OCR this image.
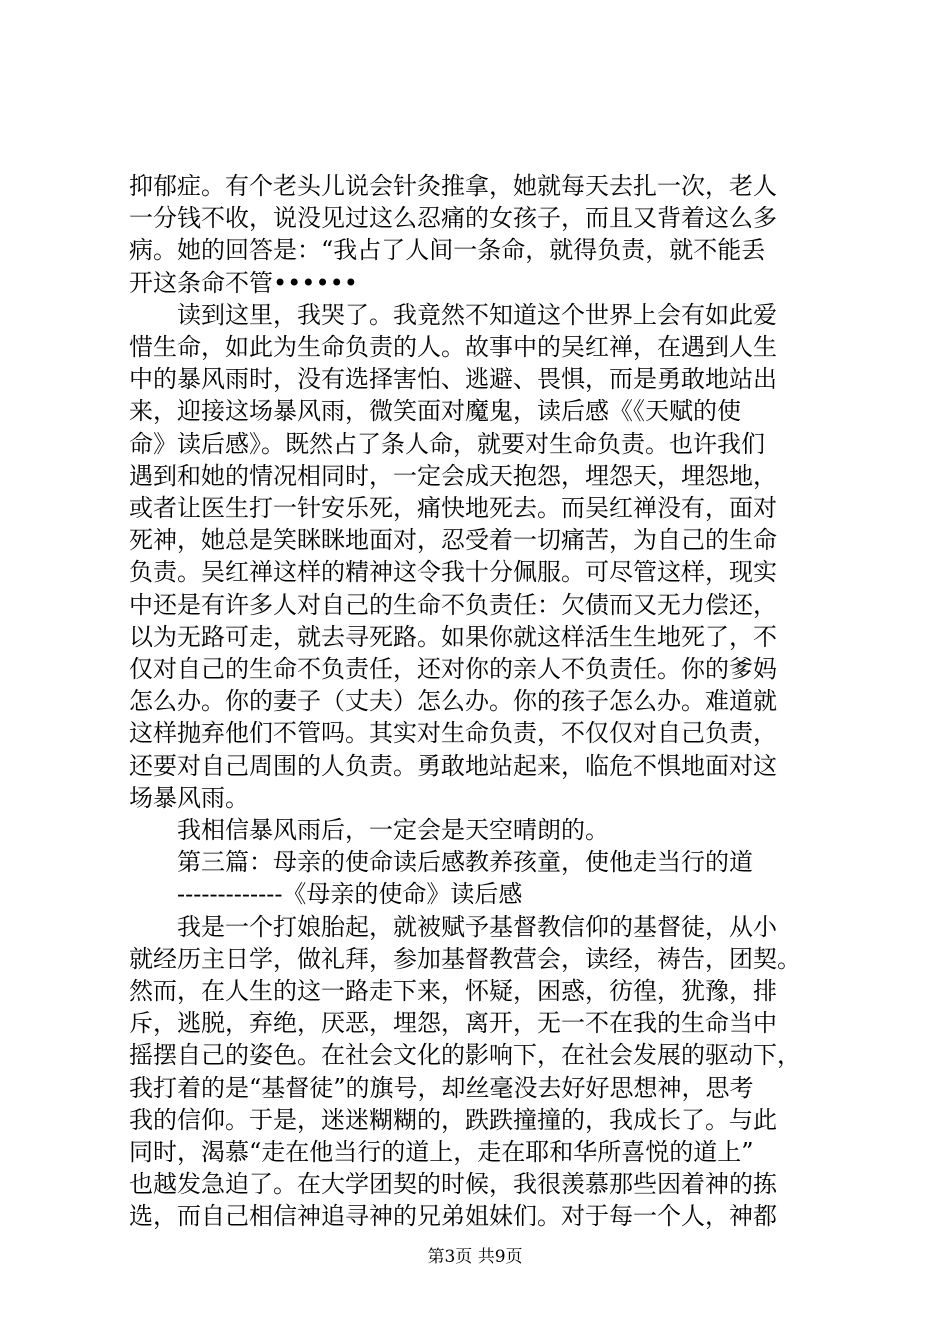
抑郁症。有个老头儿说会针灸推拿，她就每天去扎一次，老人
一分钱不收，说没见过这么忍痛的女孩子，而且又背着这么多
病。她的回答是：“我占了人间一条命，就得负责，就不能丢
开这条命不管••••••
读到这里，我哭了。我竟然不知道这个世界上会有如此爱
惜生命，如此为生命负责的人。故事中的吴红禅，在遇到人生
中的暴风雨时，没有选择害怕、逃避、畏惧，而是勇敢地站出
来，迎接这场暴风雨，微笑面对魔鬼，读后感《《天赋的使
命》读后感》。既然占了条人命，就要对生命负责。也许我们
遇到和她的情况相同时，一定会成天抱怨，埋怨天，埋怨地，
或者让医生打一针安乐死，痛快地死去。而吴红禅没有，面对
死神，她总是笑眯眯地面对，忍受着一切痛苦，为自己的生命
负责。吴红禅这样的精神这令我十分佩服。可尽管这样，现实
中还是有许多人对自己的生命不负责任：欠债而又无力偿还，
以为无路可走，就去寻死路。如果你就这样活生生地死了，不
仅对自己的生命不负责任，还对你的亲人不负责任。你的爹妈
怎么办。你的妻子（丈夫）怎么办。你的孩子怎么办。难道就
这样抛弃他们不管吗。其实对生命负责，不仅仅对自己负责，
还要对自己周围的人负责。勇敢地站起来，临危不惧地面对这
场暴风雨。
我相信暴风雨后，一定会是天空晴朗的。
第三篇：母亲的使命读后感教养孩童，使他走当行的道
-------------《母亲的使命》读后感
我是一个打娘胎起，就被赋予基督教信仰的基督徒，从小
就经历主日学，做礼拜，参加基督教营会，读经，祷告，团契。
然而，在人生的这一路走下来，怀疑，困惑，彷徨，犹豫，排
斥，逃脱，弃绝，厌恶，埋怨，离开，无一不在我的生命当中
摇摆自己的姿色。在社会文化的影响下，在社会发展的驱动下，
我打着的是“基督徒”的旗号，却丝毫没去好好思想神，思考
我的信仰。于是，迷迷糊糊的，跌跌撞撞的，我成长了。与此
同时，渴慕“走在他当行的道上，走在耶和华所喜悦的道上”
也越发急迫了。在大学团契的时候，我很羡慕那些因着神的拣
选，而自己相信神追寻神的兄弟姐妹们。对于每一个人，神都
第3页 共9页
